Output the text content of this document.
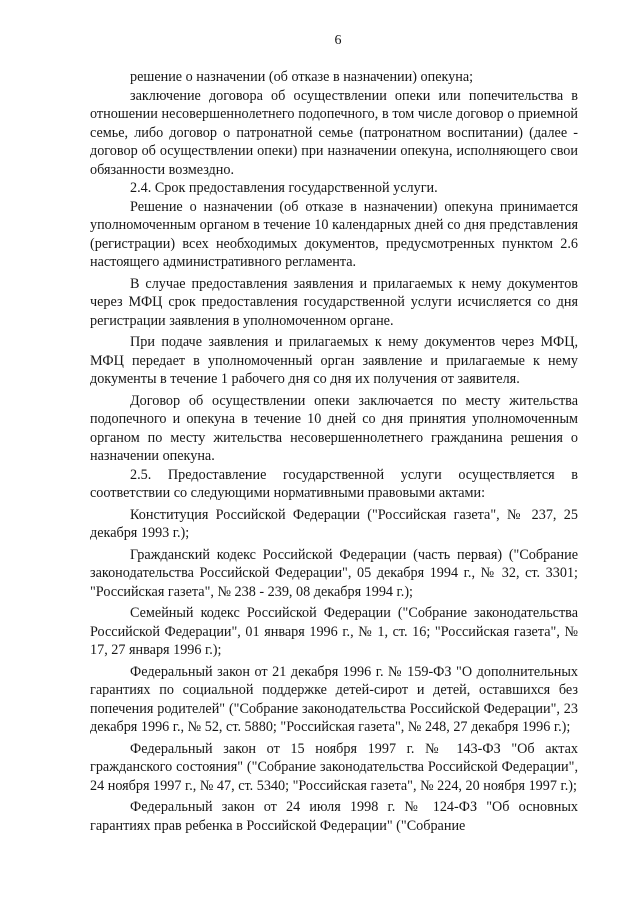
6

решение о назначении (об отказе в назначении) опекуна;

заключение договора об осуществлении опеки или попечительства в отношении несовершеннолетнего подопечного, в том числе договор о приемной семье, либо договор о патронатной семье (патронатном воспитании) (далее - договор об осуществлении опеки) при назначении опекуна, исполняющего свои обязанности возмездно.

2.4. Срок предоставления государственной услуги.

Решение о назначении (об отказе в назначении) опекуна принимается уполномоченным органом в течение 10 календарных дней со дня представления (регистрации) всех необходимых документов, предусмотренных пунктом 2.6 настоящего административного регламента.

В случае предоставления заявления и прилагаемых к нему документов через МФЦ срок предоставления государственной услуги исчисляется со дня регистрации заявления в уполномоченном органе.

При подаче заявления и прилагаемых к нему документов через МФЦ, МФЦ передает в уполномоченный орган заявление и прилагаемые к нему документы в течение 1 рабочего дня со дня их получения от заявителя.

Договор об осуществлении опеки заключается по месту жительства подопечного и опекуна в течение 10 дней со дня принятия уполномоченным органом по месту жительства несовершеннолетнего гражданина решения о назначении опекуна.

2.5. Предоставление государственной услуги осуществляется в соответствии со следующими нормативными правовыми актами:

Конституция Российской Федерации ("Российская газета", № 237, 25 декабря 1993 г.);

Гражданский кодекс Российской Федерации (часть первая) ("Собрание законодательства Российской Федерации", 05 декабря 1994 г., № 32, ст. 3301; "Российская газета", № 238 - 239, 08 декабря 1994 г.);

Семейный кодекс Российской Федерации ("Собрание законодательства Российской Федерации", 01 января 1996 г., № 1, ст. 16; "Российская газета", № 17, 27 января 1996 г.);

Федеральный закон от 21 декабря 1996 г. № 159-ФЗ "О дополнительных гарантиях по социальной поддержке детей-сирот и детей, оставшихся без попечения родителей" ("Собрание законодательства Российской Федерации", 23 декабря 1996 г., № 52, ст. 5880; "Российская газета", № 248, 27 декабря 1996 г.);

Федеральный закон от 15 ноября 1997 г. № 143-ФЗ "Об актах гражданского состояния" ("Собрание законодательства Российской Федерации", 24 ноября 1997 г., № 47, ст. 5340; "Российская газета", № 224, 20 ноября 1997 г.);

Федеральный закон от 24 июля 1998 г. № 124-ФЗ "Об основных гарантиях прав ребенка в Российской Федерации" ("Собрание
